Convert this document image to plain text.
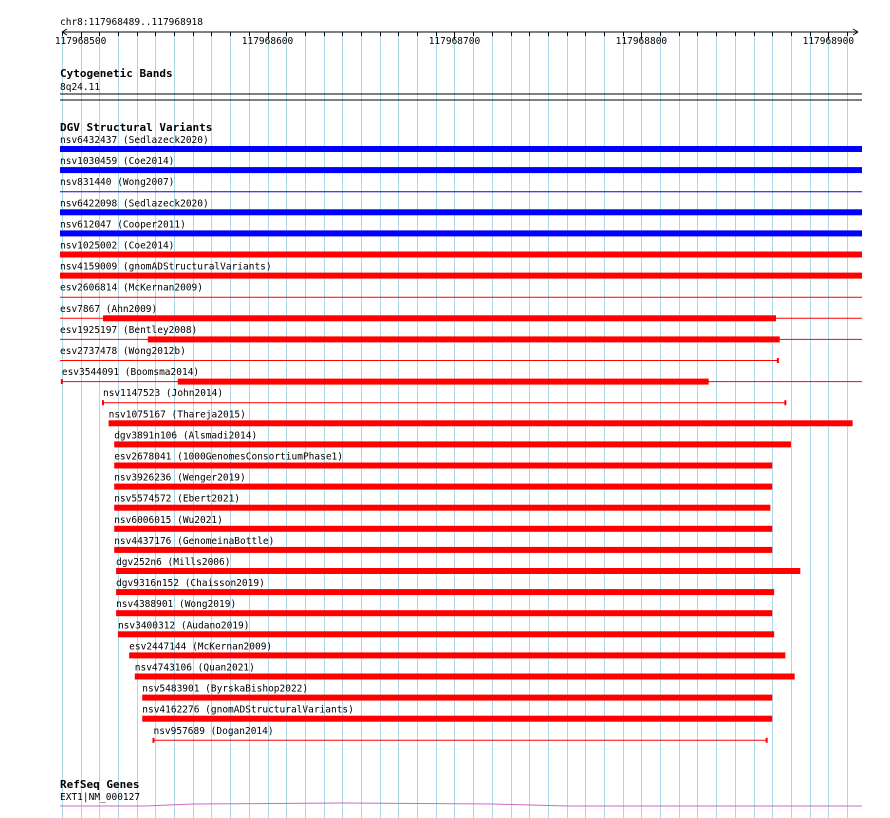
chr8:117968489..117968918
117968500	117968600	117968700	117968800	117968900
Cytogenetic Bands
8q24.11
DGV Structural Variants
nsv6432437 (Sedlazeck2020)
nsv1030459 (Coe2014)
nsv831440 (Wong2007)
nsv6422098 (Sedlazeck2020)
nsv612047 (Cooper2011)
nsv1025002 (Coe2014)
nsv4159009 (gnomADStructuralVariants)
esv2606814 (McKernan2009)
esv7867 (Ahn2009)
esv1925197 (Bentley2008)
esv2737478 (Wong2012b)
esv3544091 (Boomsma2014)
nsv1147523 (John2014)
nsv1075167 (Thareja2015)
dgv3891n106 (Alsmadi2014)
esv2678041 (1000GenomesConsortiumPhase1)
nsv3926236 (Wenger2019)
nsv5574572 (Ebert2021)
nsv6006015 (Wu2021)
nsv4437176 (GenomeinaBottle)
dgv252n6 (Mills2006)
dgv9316n152 (Chaisson2019)
nsv4388901 (Wong2019)
nsv3400312 (Audano2019)
esv2447144 (McKernan2009)
nsv4743106 (Quan2021)
nsv5483901 (ByrskaBishop2022)
nsv4162276 (gnomADStructuralVariants)
nsv957689 (Dogan2014)
RefSeq Genes
EXT1|NM_000127
